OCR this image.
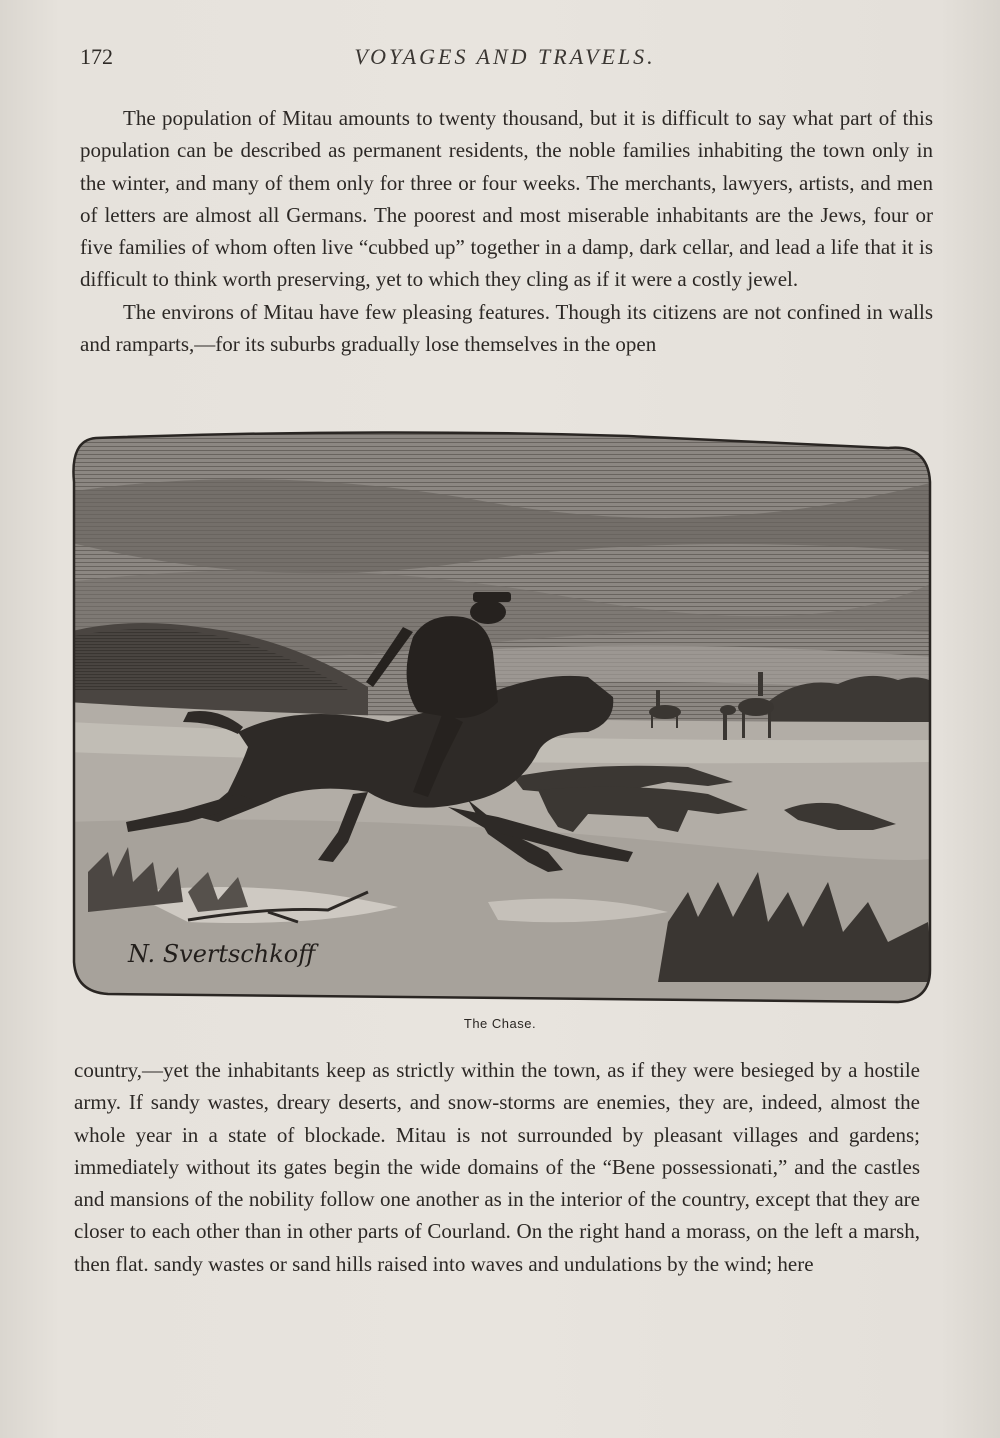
172	VOYAGES AND TRAVELS.

The population of Mitau amounts to twenty thousand, but it is difficult to say what part of this population can be described as permanent residents, the noble families inhabiting the town only in the winter, and many of them only for three or four weeks. The merchants, lawyers, artists, and men of letters are almost all Germans. The poorest and most miserable inhabitants are the Jews, four or five families of whom often live “cubbed up” together in a damp, dark cellar, and lead a life that it is difficult to think worth preserving, yet to which they cling as if it were a costly jewel.

The environs of Mitau have few pleasing features. Though its citizens are not confined in walls and ramparts,—for its suburbs gradually lose themselves in the open

N. Svertschkoff
The Chase.

country,—yet the inhabitants keep as strictly within the town, as if they were besieged by a hostile army. If sandy wastes, dreary deserts, and snow-storms are enemies, they are, indeed, almost the whole year in a state of blockade. Mitau is not surrounded by pleasant villages and gardens; immediately without its gates begin the wide domains of the “Bene possessionati,” and the castles and mansions of the nobility follow one another as in the interior of the country, except that they are closer to each other than in other parts of Courland. On the right hand a morass, on the left a marsh, then flat. sandy wastes or sand hills raised into waves and undulations by the wind; here
